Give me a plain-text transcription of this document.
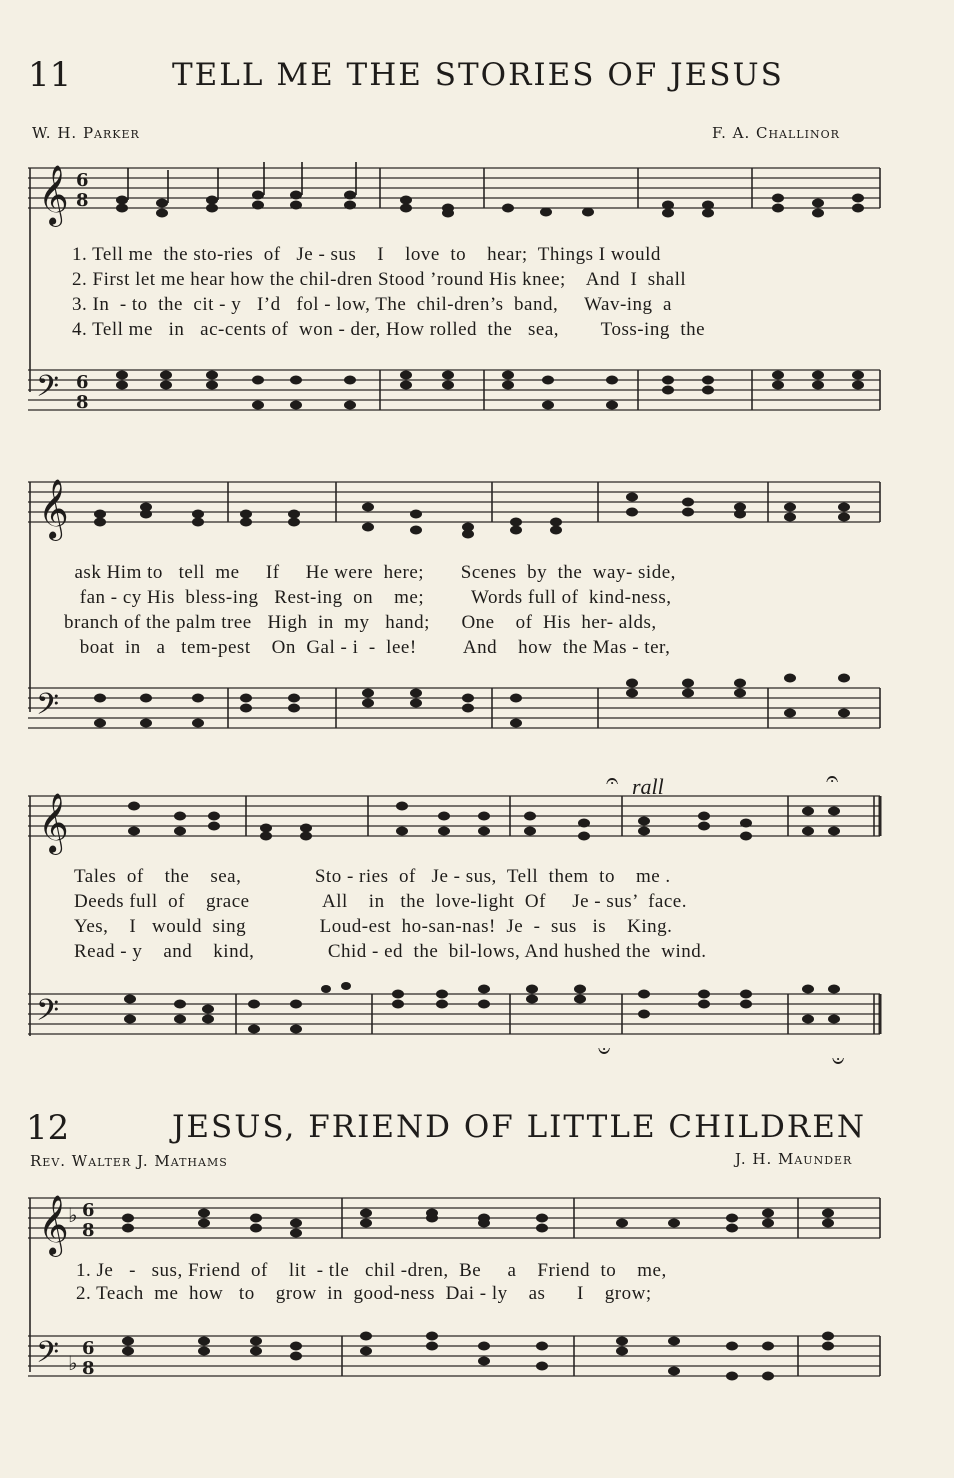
11	TELL ME THE STORIES OF JESUS
W. H. Parker	F. A. Challinor
𝄞 6
8

1. Tell me  the sto-ries  of   Je - sus    I    love  to    hear;  Things I would

2. First let me hear how the chil-dren Stood ’round His knee;    And  I  shall

3. In  - to  the  cit - y   I’d   fol - low, The  chil-dren’s  band,     Wav-ing  a

4. Tell me   in   ac-cents of  won - der, How rolled  the   sea,        Toss-ing  the

𝄢 6
8
𝄞

ask Him to   tell  me     If     He were  here;       Scenes  by  the  way- side,

fan - cy His  bless-ing   Rest-ing  on    me;         Words full of  kind-ness,

branch of the palm tree   High  in  my   hand;      One    of  His  her- alds,

boat  in   a   tem-pest    On  Gal - i  -  lee!         And    how  the Mas - ter,

𝄢
rall
𝄞
𝄐	𝄐

Tales  of    the    sea,              Sto - ries  of   Je - sus,  Tell  them  to    me .

Deeds full  of    grace              All    in   the  love-light  Of     Je - sus’  face.

Yes,    I   would  sing              Loud-est  ho-san-nas!  Je  -  sus   is    King.

Read - y    and    kind,              Chid - ed  the  bil-lows, And hushed the  wind.

𝄢
𝄑	𝄑
12	JESUS, FRIEND OF LITTLE CHILDREN
Rev. Walter J. Mathams	J. H. Maunder
𝄞 ♭ 6
8

1. Je   -   sus, Friend  of    lit  - tle   chil -dren,  Be     a    Friend  to    me,

2. Teach  me  how   to    grow  in  good-ness  Dai - ly    as      I    grow;

𝄢 ♭
6
8
